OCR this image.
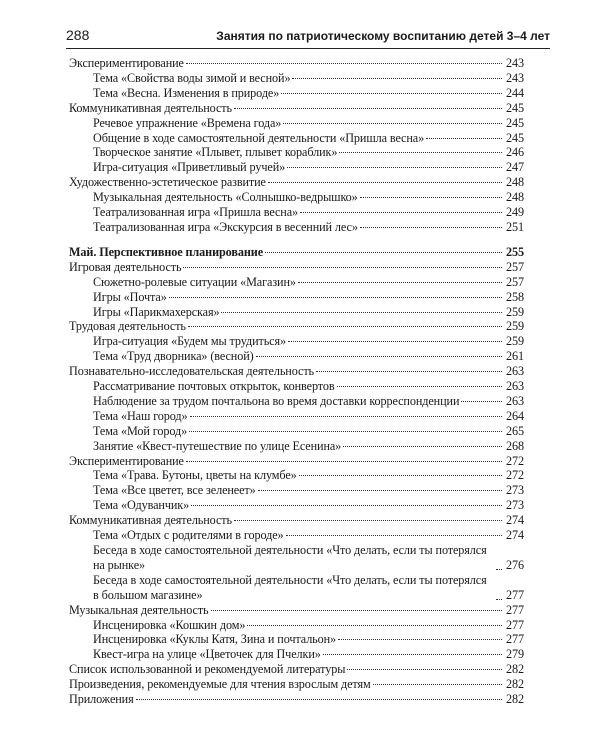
288	Занятия по патриотическому воспитанию детей 3–4 лет
Экспериментирование	243
Тема «Свойства воды зимой и весной»	243
Тема «Весна. Изменения в природе»	244
Коммуникативная деятельность	245
Речевое упражнение «Времена года»	245
Общение в ходе самостоятельной деятельности «Пришла весна»	245
Творческое занятие «Плывет, плывет кораблик»	246
Игра-ситуация «Приветливый ручей»	247
Художественно-эстетическое развитие	248
Музыкальная деятельность «Солнышко-ведрышко»	248
Театрализованная игра «Пришла весна»	249
Театрализованная игра «Экскурсия в весенний лес»	251
Май. Перспективное планирование	255
Игровая деятельность	257
Сюжетно-ролевые ситуации «Магазин»	257
Игры «Почта»	258
Игры «Парикмахерская»	259
Трудовая деятельность	259
Игра-ситуация «Будем мы трудиться»	259
Тема «Труд дворника» (весной)	261
Познавательно-исследовательская деятельность	263
Рассматривание почтовых открыток, конвертов	263
Наблюдение за трудом почтальона во время доставки корреспонденции	263
Тема «Наш город»	264
Тема «Мой город»	265
Занятие «Квест-путешествие по улице Есенина»	268
Экспериментирование	272
Тема «Трава. Бутоны, цветы на клумбе»	272
Тема «Все цветет, все зеленеет»	273
Тема «Одуванчик»	273
Коммуникативная деятельность	274
Тема «Отдых с родителями в городе»	274
Беседа в ходе самостоятельной деятельности «Что делать, если ты потерялся на рынке»	276
Беседа в ходе самостоятельной деятельности «Что делать, если ты потерялся в большом магазине»	277
Музыкальная деятельность	277
Инсценировка «Кошкин дом»	277
Инсценировка «Куклы Катя, Зина и почтальон»	277
Квест-игра на улице «Цветочек для Пчелки»	279
Список использованной и рекомендуемой литературы	282
Произведения, рекомендуемые для чтения взрослым детям	282
Приложения	282
